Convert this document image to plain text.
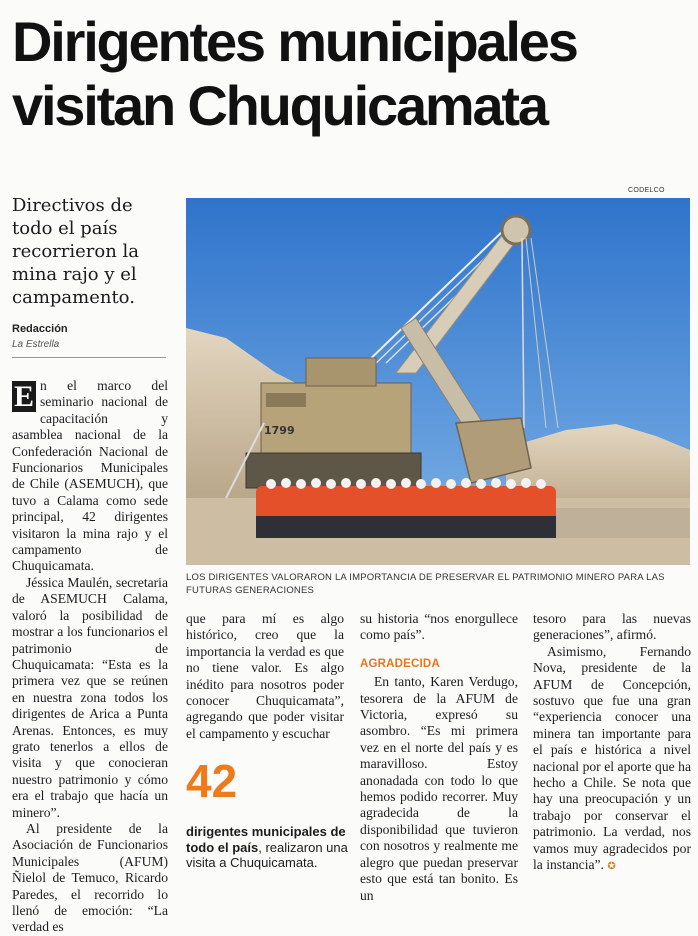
Dirigentes municipales
visitan Chuquicamata
Directivos de todo el país recorrieron la mina rajo y el campamento.
Redacción
La Estrella
CODELCO
1799
LOS DIRIGENTES VALORARON LA IMPORTANCIA DE PRESERVAR EL PATRIMONIO MINERO PARA LAS FUTURAS GENERACIONES

E n el marco del seminario nacional de capacitación y asamblea nacional de la Confederación Nacional de Funcionarios Municipales de Chile (ASEMUCH), que tuvo a Calama como sede principal, 42 dirigentes visitaron la mina rajo y el campamento de Chuquicamata.

Jéssica Maulén, secretaria de ASEMUCH Calama, valoró la posibilidad de mostrar a los funcionarios el patrimonio de Chuquicamata: “Esta es la primera vez que se reúnen en nuestra zona todos los dirigentes de Arica a Punta Arenas. Entonces, es muy grato tenerlos a ellos de visita y que conocieran nuestro patrimonio y cómo era el trabajo que hacía un minero”.

Al presidente de la Asociación de Funcionarios Municipales (AFUM) Ñielol de Temuco, Ricardo Paredes, el recorrido lo llenó de emoción: “La verdad es

que para mí es algo histórico, creo que la importancia la verdad es que no tiene valor. Es algo inédito para nosotros poder conocer Chuquicamata”, agregando que poder visitar el campamento y escuchar

42
dirigentes municipales de todo el país, realizaron una visita a Chuquicamata.

su historia “nos enorgullece como país”.

AGRADECIDA

En tanto, Karen Verdugo, tesorera de la AFUM de Victoria, expresó su asombro. “Es mi primera vez en el norte del país y es maravilloso. Estoy anonadada con todo lo que hemos podido recorrer. Muy agradecida de la disponibilidad que tuvieron con nosotros y realmente me alegro que puedan preservar esto que está tan bonito. Es un

tesoro para las nuevas generaciones”, afirmó.

Asimismo, Fernando Nova, presidente de la AFUM de Concepción, sostuvo que fue una gran “experiencia conocer una minera tan importante para el país e histórica a nivel nacional por el aporte que ha hecho a Chile. Se nota que hay una preocupación y un trabajo por conservar el patrimonio. La verdad, nos vamos muy agradecidos por la instancia”. ✪
